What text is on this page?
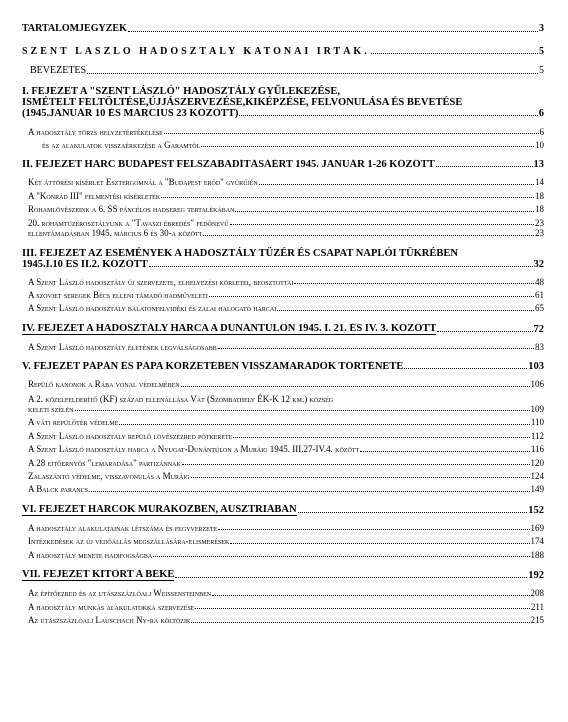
TARTALOMJEGYZÉK	3
SZENT LÁSZLÓ HADOSZTÁLY KATONÁI ÍRTÁK.	5
BEVEZETÉS	5
I. FEJEZET A "SZENT LÁSZLÓ" HADOSZTÁLY GYŰLEKEZÉSE,
ISMÉTELT FELTÖLTÉSE,ÚJJÁSZERVEZÉSE,KIKÉPZÉSE, FELVONULÁSA ÉS BEVETÉSE
(1945.JANUÁR 10 ÉS MÁRCIUS 23 KÖZÖTT)	6
A hadosztály törzs helyzetértékelése	6
és az alakulatok visszaérkezése a Garamtól	10
II. FEJEZET HARC BUDAPEST FELSZABADÍTÁSÁÉRT 1945. JANUÁR 1-26 KÖZÖTT	13
Két áttörési kísérlet Esztergomnál a "Budapest erőd" gyűrűjén	14
A "Konrád III" felmentési kísérletek	18
Rohamlövészeink a 6. SS páncélos hadsereg tertalékában	18
20. rohamtüzérosztályunk a "Tavaszi ébredés" fedőnevű	23
ellentámadásban 1945. március 6 és 30-a között	23
III. FEJEZET AZ ESEMÉNYEK A HADOSZTÁLY TÜZÉR ÉS CSAPAT NAPLÓI TÜKRÉBEN
1945.I.10 ÉS II.2. KÖZÖTT	32
A Szent László hadosztály új szervezete, elhelyezési körletei, beosztottai	48
A szovjet seregek Bécs elleni támadó hadműveleti	61
A Szent László hadosztály balatonfelvidéki és zalai halogató harcai	65
IV. FEJEZET A HADOSZTÁLY HARCA A DUNÁNTÚLON 1945. I. 21. ÉS IV. 3. KÖZÖTT	72
A Szent László hadosztály életének legválságosabb	83
V. FEJEZET PÁPÁN ÉS PÁPA KÖRZETÉBEN VISSZAMARADÓK TÖRTÉNETE	103
Repülő kanonok a Rába vonal védelmében	106
A 2. közelfelderítő (KF) század ellenállása Vát (Szombathely ÉK-K 12 km.) község
keleti szélén	109
A váti repülőtér védelme	110
A Szent László hadosztály repülő lövészezred pótkerete	112
A Szent László hadosztály harca a Nyugat-Dunántúlon a Muráig 1945. III.27-IV.4. között	116
A 28 ejtőernyős "lemaradása" partizánnak	120
Zalaszántó védelme, visszavonulás a Muráig	124
A Balck parancs.	149
VI. FEJEZET HARCOK MURAKÖZBEN, AUSZTRIÁBAN	152
A hadosztály alakulatainak létszáma és fegyverzete	169
Intézkedések az új védőállás megszállására-elismerések	174
A hadosztály menete hadifogságba	188
VII. FEJEZET KITÖRT A BÉKE	192
Az építőezred és az utászszázlóalj Weissensteinben	208
A hadosztály munkás alakulatokká szervezése	211
Az utászszázlóalj Lauschach Ny-ra költözik	215
